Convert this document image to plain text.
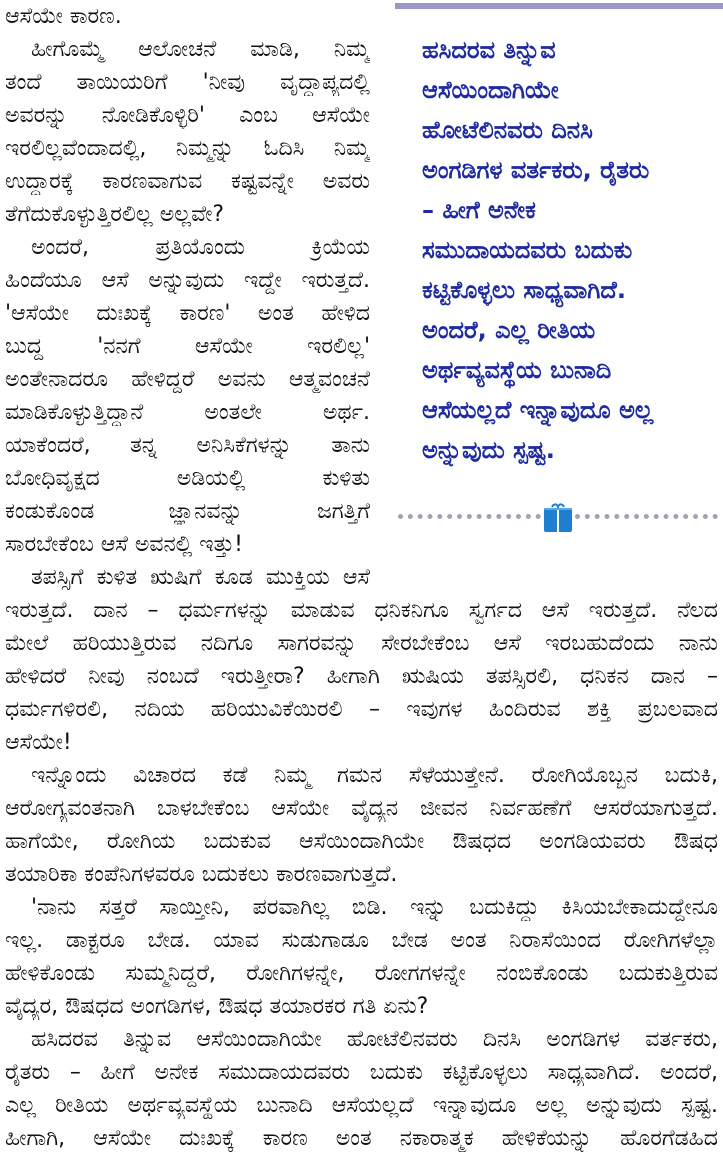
ಆಸೆಯೇ ಕಾರಣ.
ಹೀಗೊಮ್ಮೆ ಆಲೋಚನೆ ಮಾಡಿ, ನಿಮ್ಮ
ತಂದೆ ತಾಯಿಯರಿಗೆ 'ನೀವು ವೃದ್ಧಾಪ್ಯದಲ್ಲಿ
ಅವರನ್ನು ನೋಡಿಕೊಳ್ಳಿರಿ' ಎಂಬ ಆಸೆಯೇ
ಇರಲಿಲ್ಲವೆಂದಾದಲ್ಲಿ, ನಿಮ್ಮನ್ನು ಓದಿಸಿ ನಿಮ್ಮ
ಉದ್ಧಾರಕ್ಕೆ ಕಾರಣವಾಗುವ ಕಷ್ಟವನ್ನೇ ಅವರು
ತೆಗೆದುಕೊಳ್ಳುತ್ತಿರಲಿಲ್ಲ ಅಲ್ಲವೇ?
ಅಂದರೆ, ಪ್ರತಿಯೊಂದು ಕ್ರಿಯೆಯ
ಹಿಂದೆಯೂ ಆಸೆ ಅನ್ನುವುದು ಇದ್ದೇ ಇರುತ್ತದೆ.
'ಆಸೆಯೇ ದುಃಖಕ್ಕೆ ಕಾರಣ' ಅಂತ ಹೇಳಿದ
ಬುದ್ಧ 'ನನಗೆ ಆಸೆಯೇ ಇರಲಿಲ್ಲ'
ಅಂತೇನಾದರೂ ಹೇಳಿದ್ದರೆ ಅವನು ಆತ್ಮವಂಚನೆ
ಮಾಡಿಕೊಳ್ಳುತ್ತಿದ್ದಾನೆ ಅಂತಲೇ ಅರ್ಥ.
ಯಾಕೆಂದರೆ, ತನ್ನ ಅನಿಸಿಕೆಗಳನ್ನು ತಾನು
ಬೋಧಿವೃಕ್ಷದ ಅಡಿಯಲ್ಲಿ ಕುಳಿತು
ಕಂಡುಕೊಂಡ ಜ್ಞಾನವನ್ನು ಜಗತ್ತಿಗೆ
ಸಾರಬೇಕೆಂಬ ಆಸೆ ಅವನಲ್ಲಿ ಇತ್ತು!
ತಪಸ್ಸಿಗೆ ಕುಳಿತ ಋಷಿಗೆ ಕೂಡ ಮುಕ್ತಿಯ ಆಸೆ
ಹಸಿದರವ ತಿನ್ನುವ
ಆಸೆಯಿಂದಾಗಿಯೇ
ಹೋಟೆಲಿನವರು ದಿನಸಿ
ಅಂಗಡಿಗಳ ವರ್ತಕರು, ರೈತರು
– ಹೀಗೆ ಅನೇಕ
ಸಮುದಾಯದವರು ಬದುಕು
ಕಟ್ಟಿಕೊಳ್ಳಲು ಸಾಧ್ಯವಾಗಿದೆ.
ಅಂದರೆ, ಎಲ್ಲ ರೀತಿಯ
ಅರ್ಥವ್ಯವಸ್ಥೆಯ ಬುನಾದಿ
ಆಸೆಯಲ್ಲದೆ ಇನ್ನಾವುದೂ ಅಲ್ಲ
ಅನ್ನುವುದು ಸ್ಪಷ್ಟ.
ಇರುತ್ತದೆ. ದಾನ – ಧರ್ಮಗಳನ್ನು ಮಾಡುವ ಧನಿಕನಿಗೂ ಸ್ವರ್ಗದ ಆಸೆ ಇರುತ್ತದೆ. ನೆಲದ
ಮೇಲೆ ಹರಿಯುತ್ತಿರುವ ನದಿಗೂ ಸಾಗರವನ್ನು ಸೇರಬೇಕೆಂಬ ಆಸೆ ಇರಬಹುದೆಂದು ನಾನು
ಹೇಳಿದರೆ ನೀವು ನಂಬದೆ ಇರುತ್ತೀರಾ? ಹೀಗಾಗಿ ಋಷಿಯ ತಪಸ್ಸಿರಲಿ, ಧನಿಕನ ದಾನ –
ಧರ್ಮಗಳಿರಲಿ, ನದಿಯ ಹರಿಯುವಿಕೆಯಿರಲಿ – ಇವುಗಳ ಹಿಂದಿರುವ ಶಕ್ತಿ ಪ್ರಬಲವಾದ
ಆಸೆಯೇ!
ಇನ್ನೊಂದು ವಿಚಾರದ ಕಡೆ ನಿಮ್ಮ ಗಮನ ಸೆಳೆಯುತ್ತೇನೆ. ರೋಗಿಯೊಬ್ಬನ ಬದುಕಿ,
ಆರೋಗ್ಯವಂತನಾಗಿ ಬಾಳಬೇಕೆಂಬ ಆಸೆಯೇ ವೈದ್ಯನ ಜೀವನ ನಿರ್ವಹಣೆಗೆ ಆಸರೆಯಾಗುತ್ತದೆ.
ಹಾಗೆಯೇ, ರೋಗಿಯ ಬದುಕುವ ಆಸೆಯಿಂದಾಗಿಯೇ ಔಷಧದ ಅಂಗಡಿಯವರು ಔಷಧ
ತಯಾರಿಕಾ ಕಂಪೆನಿಗಳವರೂ ಬದುಕಲು ಕಾರಣವಾಗುತ್ತದೆ.
'ನಾನು ಸತ್ತರೆ ಸಾಯ್ತೀನಿ, ಪರವಾಗಿಲ್ಲ ಬಿಡಿ. ಇನ್ನು ಬದುಕಿದ್ದು ಕಿಸಿಯಬೇಕಾದುದ್ದೇನೂ
ಇಲ್ಲ. ಡಾಕ್ಟರೂ ಬೇಡ. ಯಾವ ಸುಡುಗಾಡೂ ಬೇಡ ಅಂತ ನಿರಾಸೆಯಿಂದ ರೋಗಿಗಳೆಲ್ಲಾ
ಹೇಳಿಕೊಂಡು ಸುಮ್ಮನಿದ್ದರೆ, ರೋಗಿಗಳನ್ನೇ, ರೋಗಗಳನ್ನೇ ನಂಬಿಕೊಂಡು ಬದುಕುತ್ತಿರುವ
ವೈದ್ಯರ, ಔಷಧದ ಅಂಗಡಿಗಳ, ಔಷಧ ತಯಾರಕರ ಗತಿ ಏನು?
ಹಸಿದರವ ತಿನ್ನುವ ಆಸೆಯಿಂದಾಗಿಯೇ ಹೋಟೆಲಿನವರು ದಿನಸಿ ಅಂಗಡಿಗಳ ವರ್ತಕರು,
ರೈತರು – ಹೀಗೆ ಅನೇಕ ಸಮುದಾಯದವರು ಬದುಕು ಕಟ್ಟಿಕೊಳ್ಳಲು ಸಾಧ್ಯವಾಗಿದೆ. ಅಂದರೆ,
ಎಲ್ಲ ರೀತಿಯ ಅರ್ಥವ್ಯವಸ್ಥೆಯ ಬುನಾದಿ ಆಸೆಯಲ್ಲದೆ ಇನ್ನಾವುದೂ ಅಲ್ಲ ಅನ್ನುವುದು ಸ್ಪಷ್ಟ.
ಹೀಗಾಗಿ, ಆಸೆಯೇ ದುಃಖಕ್ಕೆ ಕಾರಣ ಅಂತ ನಕಾರಾತ್ಮಕ ಹೇಳಿಕೆಯನ್ನು ಹೊರಗೆಡಹಿದ
